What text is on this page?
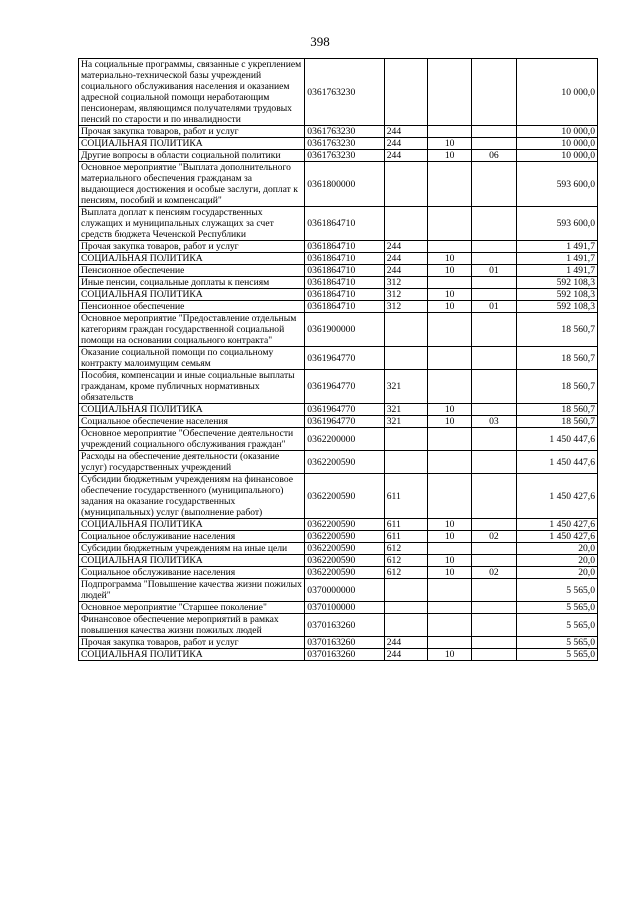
398
На социальные программы, связанные с укреплением материально-технической базы учреждений социального обслуживания населения и оказанием адресной социальной помощи неработающим пенсионерам, являющимся получателями трудовых пенсий по старости и по инвалидности	0361763230				10 000,0
Прочая закупка товаров, работ и услуг	0361763230	244			10 000,0
СОЦИАЛЬНАЯ ПОЛИТИКА	0361763230	244	10		10 000,0
Другие вопросы в области социальной политики	0361763230	244	10	06	10 000,0
Основное мероприятие "Выплата дополнительного материального обеспечения гражданам за выдающиеся достижения и особые заслуги, доплат к пенсиям, пособий и компенсаций"	0361800000				593 600,0
Выплата доплат к пенсиям государственных служащих и муниципальных служащих за счет средств бюджета Чеченской Республики	0361864710				593 600,0
Прочая закупка товаров, работ и услуг	0361864710	244			1 491,7
СОЦИАЛЬНАЯ ПОЛИТИКА	0361864710	244	10		1 491,7
Пенсионное обеспечение	0361864710	244	10	01	1 491,7
Иные пенсии, социальные доплаты к пенсиям	0361864710	312			592 108,3
СОЦИАЛЬНАЯ ПОЛИТИКА	0361864710	312	10		592 108,3
Пенсионное обеспечение	0361864710	312	10	01	592 108,3
Основное мероприятие "Предоставление отдельным категориям граждан государственной социальной помощи на основании социального контракта"	0361900000				18 560,7
Оказание социальной помощи по социальному контракту малоимущим семьям	0361964770				18 560,7
Пособия, компенсации и иные социальные выплаты гражданам, кроме публичных нормативных обязательств	0361964770	321			18 560,7
СОЦИАЛЬНАЯ ПОЛИТИКА	0361964770	321	10		18 560,7
Социальное обеспечение населения	0361964770	321	10	03	18 560,7
Основное мероприятие "Обеспечение деятельности учреждений социального обслуживания граждан"	0362200000				1 450 447,6
Расходы на обеспечение деятельности (оказание услуг) государственных учреждений	0362200590				1 450 447,6
Субсидии бюджетным учреждениям на финансовое обеспечение государственного (муниципального) задания на оказание государственных (муниципальных) услуг (выполнение работ)	0362200590	611			1 450 427,6
СОЦИАЛЬНАЯ ПОЛИТИКА	0362200590	611	10		1 450 427,6
Социальное обслуживание населения	0362200590	611	10	02	1 450 427,6
Субсидии бюджетным учреждениям на иные цели	0362200590	612			20,0
СОЦИАЛЬНАЯ ПОЛИТИКА	0362200590	612	10		20,0
Социальное обслуживание населения	0362200590	612	10	02	20,0
Подпрограмма "Повышение качества жизни пожилых людей"	0370000000				5 565,0
Основное мероприятие "Старшее поколение"	0370100000				5 565,0
Финансовое обеспечение мероприятий в рамках повышения качества жизни пожилых людей	0370163260				5 565,0
Прочая закупка товаров, работ и услуг	0370163260	244			5 565,0
СОЦИАЛЬНАЯ ПОЛИТИКА	0370163260	244	10		5 565,0
